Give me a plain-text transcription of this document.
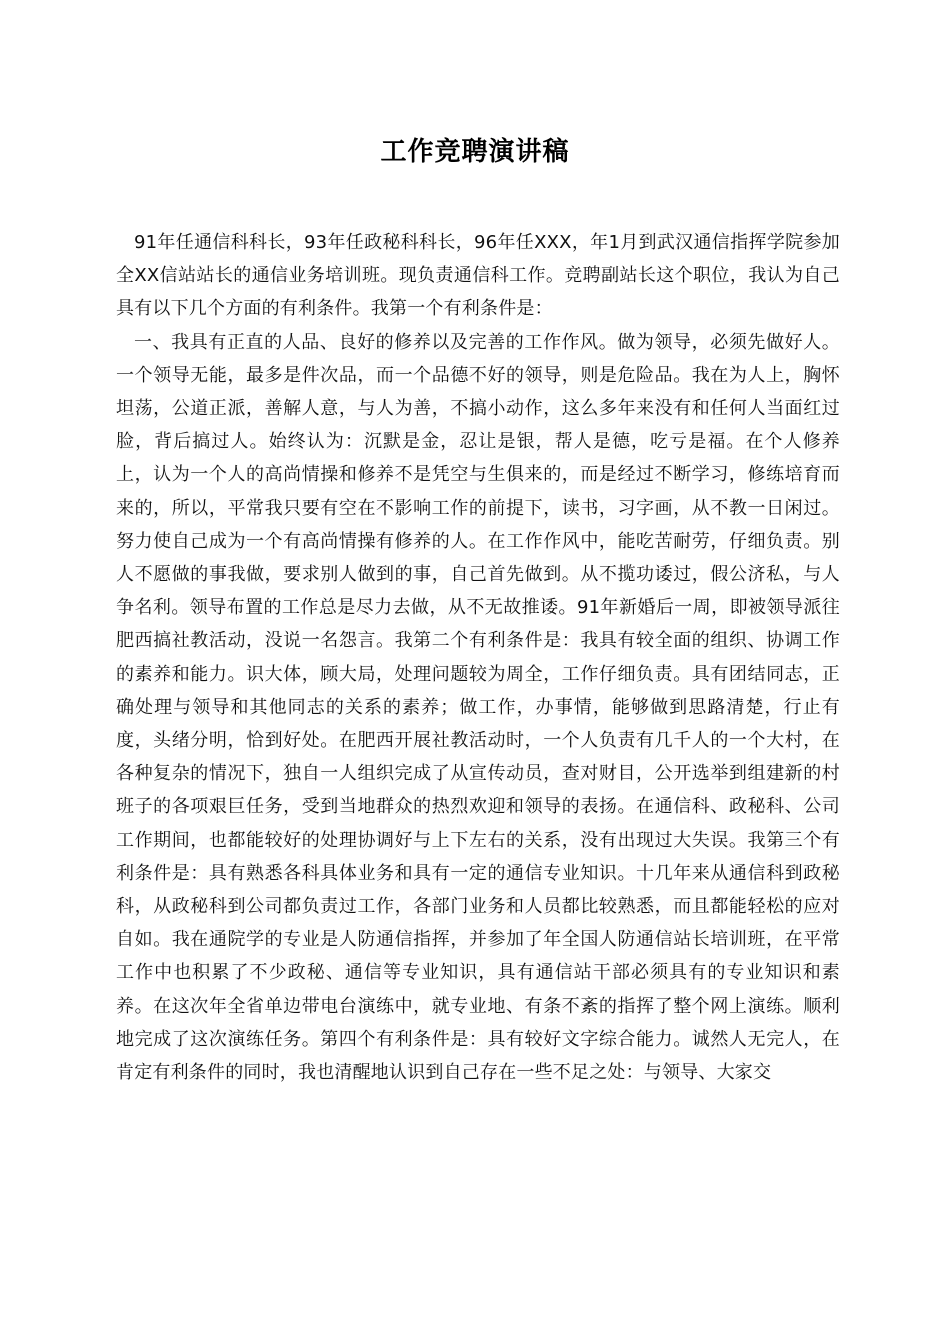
工作竞聘演讲稿

91年任通信科科长，93年任政秘科科长，96年任XXX，年1月到武汉通信指挥学院参加全XX信站站长的通信业务培训班。现负责通信科工作。竞聘副站长这个职位，我认为自己具有以下几个方面的有利条件。我第一个有利条件是：

一、我具有正直的人品、良好的修养以及完善的工作作风。做为领导，必须先做好人。一个领导无能，最多是件次品，而一个品德不好的领导，则是危险品。我在为人上，胸怀坦荡，公道正派，善解人意，与人为善，不搞小动作，这么多年来没有和任何人当面红过脸，背后搞过人。始终认为：沉默是金，忍让是银，帮人是德，吃亏是福。在个人修养上，认为一个人的高尚情操和修养不是凭空与生俱来的，而是经过不断学习，修练培育而来的，所以，平常我只要有空在不影响工作的前提下，读书，习字画，从不教一日闲过。努力使自己成为一个有高尚情操有修养的人。在工作作风中，能吃苦耐劳，仔细负责。别人不愿做的事我做，要求别人做到的事，自己首先做到。从不揽功诿过，假公济私，与人争名利。领导布置的工作总是尽力去做，从不无故推诿。91年新婚后一周，即被领导派往肥西搞社教活动，没说一名怨言。我第二个有利条件是：我具有较全面的组织、协调工作的素养和能力。识大体，顾大局，处理问题较为周全，工作仔细负责。具有团结同志，正确处理与领导和其他同志的关系的素养；做工作，办事情，能够做到思路清楚，行止有度，头绪分明，恰到好处。在肥西开展社教活动时，一个人负责有几千人的一个大村，在各种复杂的情况下，独自一人组织完成了从宣传动员，查对财目，公开选举到组建新的村班子的各项艰巨任务，受到当地群众的热烈欢迎和领导的表扬。在通信科、政秘科、公司工作期间，也都能较好的处理协调好与上下左右的关系，没有出现过大失误。我第三个有利条件是：具有熟悉各科具体业务和具有一定的通信专业知识。十几年来从通信科到政秘科，从政秘科到公司都负责过工作，各部门业务和人员都比较熟悉，而且都能轻松的应对自如。我在通院学的专业是人防通信指挥，并参加了年全国人防通信站长培训班，在平常工作中也积累了不少政秘、通信等专业知识，具有通信站干部必须具有的专业知识和素养。在这次年全省单边带电台演练中，就专业地、有条不紊的指挥了整个网上演练。顺利地完成了这次演练任务。第四个有利条件是：具有较好文字综合能力。诚然人无完人，在肯定有利条件的同时，我也清醒地认识到自己存在一些不足之处：与领导、大家交
